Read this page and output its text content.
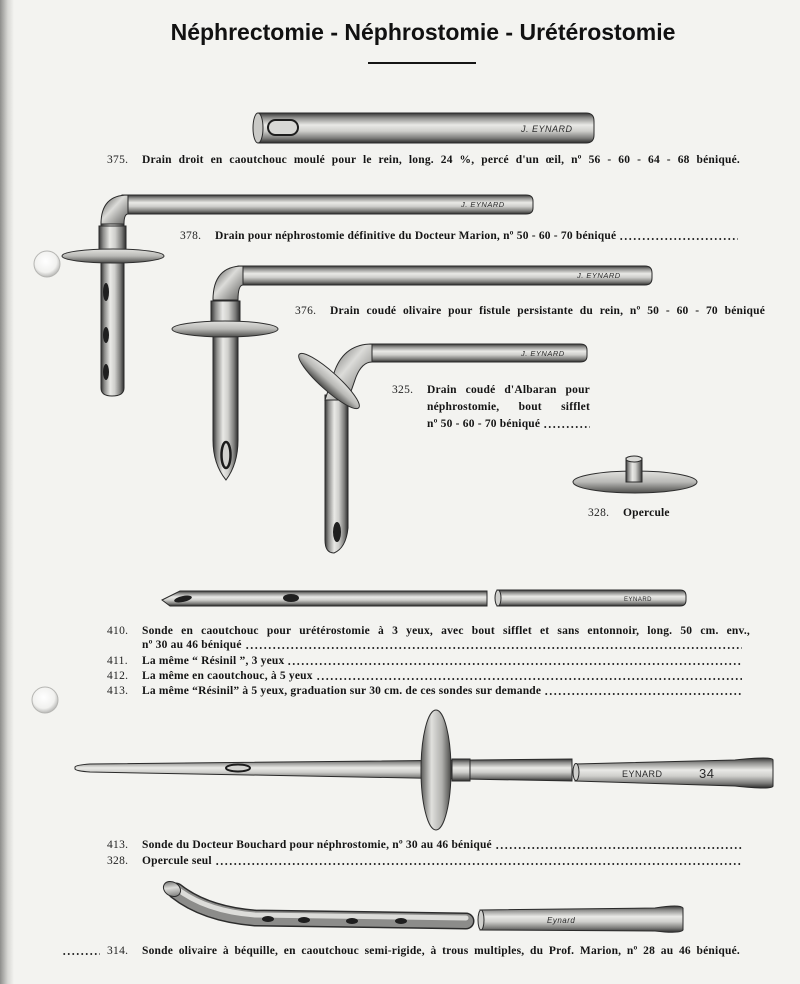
J. EYNARD
J. EYNARD
J. EYNARD
J. EYNARD
EYNARD
EYNARD	34
Eynard
Néphrectomie - Néphrostomie - Urétérostomie
375. Drain droit en caoutchouc moulé pour le rein, long. 24 %, percé d'un œil, nº 56 - 60 - 64 - 68 béniqué.
378. Drain pour néphrostomie définitive du Docteur Marion, nº 50 - 60 - 70 béniqué
376. Drain coudé olivaire pour fistule persistante du rein, nº 50 - 60 - 70 béniqué
325. Drain coudé d'Albaran pour
néphrostomie, bout sifflet
nº 50 - 60 - 70 béniqué
328. Opercule
410. Sonde en caoutchouc pour urétérostomie à 3 yeux, avec bout sifflet et sans entonnoir, long. 50 cm. env.,
nº 30 au 46 béniqué
411. La même “ Résinil ”, 3 yeux
412. La même en caoutchouc, à 5 yeux
413. La même “Résinil” à 5 yeux, graduation sur 30 cm. de ces sondes sur demande
413. Sonde du Docteur Bouchard pour néphrostomie, nº 30 au 46 béniqué
328. Opercule seul
314. Sonde olivaire à béquille, en caoutchouc semi-rigide, à trous multiples, du Prof. Marion, nº 28 au 46 béniqué.
